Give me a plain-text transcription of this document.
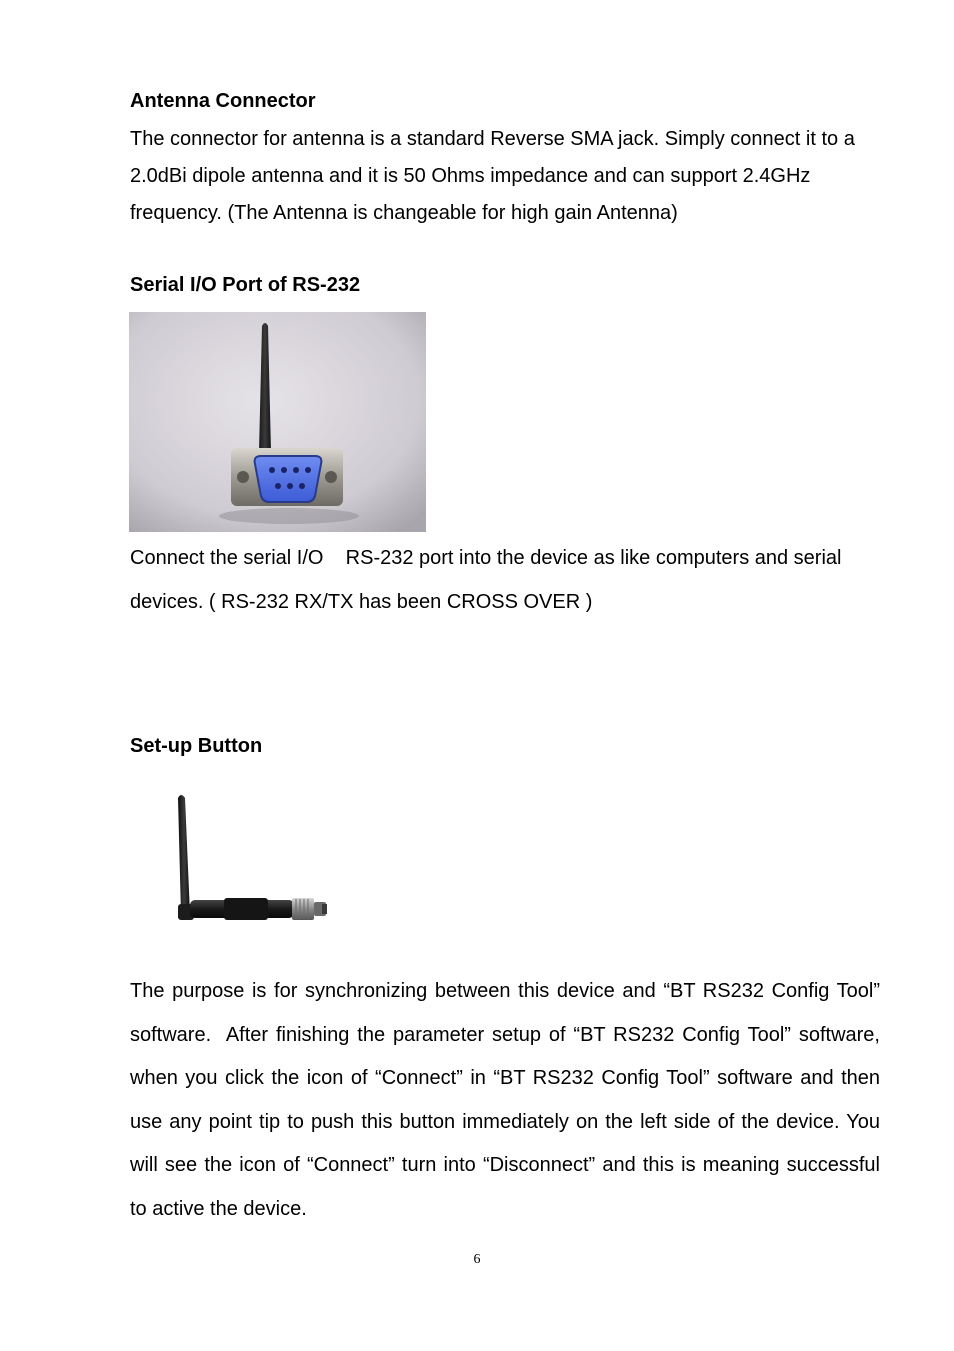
Antenna Connector

The connector for antenna is a standard Reverse SMA jack. Simply connect it to a 2.0dBi dipole antenna and it is 50 Ohms impedance and can support 2.4GHz frequency. (The Antenna is changeable for high gain Antenna)

Serial I/O Port of RS-232

Connect the serial I/O    RS-232 port into the device as like computers and serial devices. ( RS-232 RX/TX has been CROSS OVER )

Set-up Button

The purpose is for synchronizing between this device and “BT RS232 Config Tool” software.  After finishing the parameter setup of “BT RS232 Config Tool” software, when you click the icon of “Connect” in “BT RS232 Config Tool” software and then use any point tip to push this button immediately on the left side of the device. You will see the icon of “Connect” turn into “Disconnect” and this is meaning successful to active the device.

6
